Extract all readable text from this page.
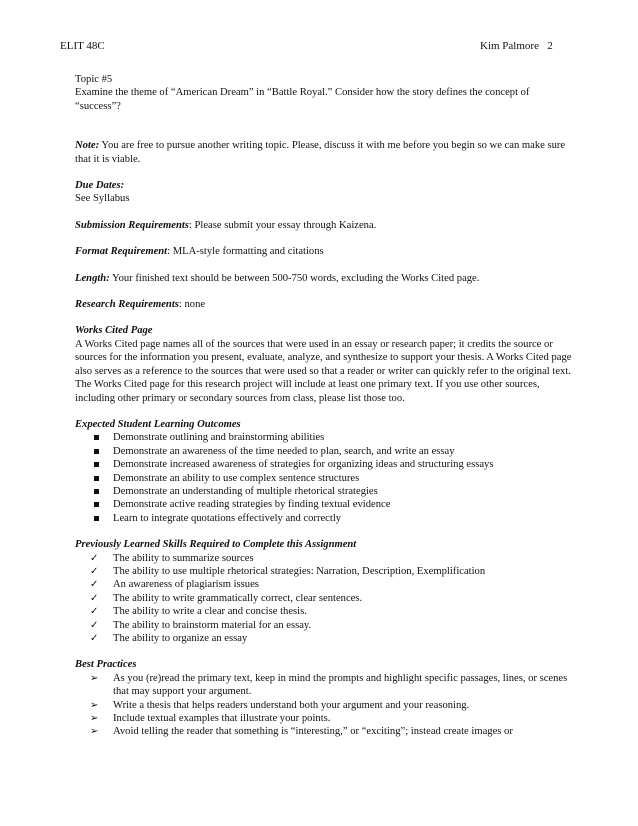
ELIT 48C	Kim Palmore 2
Topic #5
Examine the theme of “American Dream” in “Battle Royal.” Consider how the story defines the concept of “success”?
Note: You are free to pursue another writing topic. Please, discuss it with me before you begin so we can make sure that it is viable.
Due Dates:
See Syllabus
Submission Requirements: Please submit your essay through Kaizena.
Format Requirement: MLA-style formatting and citations
Length: Your finished text should be between 500-750 words, excluding the Works Cited page.
Research Requirements: none
Works Cited Page
A Works Cited page names all of the sources that were used in an essay or research paper; it credits the source or sources for the information you present, evaluate, analyze, and synthesize to support your thesis. A Works Cited page also serves as a reference to the sources that were used so that a reader or writer can quickly refer to the original text. The Works Cited page for this research project will include at least one primary text. If you use other sources, including other primary or secondary sources from class, please list those too.
Expected Student Learning Outcomes
Demonstrate outlining and brainstorming abilities
Demonstrate an awareness of the time needed to plan, search, and write an essay
Demonstrate increased awareness of strategies for organizing ideas and structuring essays
Demonstrate an ability to use complex sentence structures
Demonstrate an understanding of multiple rhetorical strategies
Demonstrate active reading strategies by finding textual evidence
Learn to integrate quotations effectively and correctly
Previously Learned Skills Required to Complete this Assignment
✓ The ability to summarize sources
✓ The ability to use multiple rhetorical strategies: Narration, Description, Exemplification
✓ An awareness of plagiarism issues
✓ The ability to write grammatically correct, clear sentences.
✓ The ability to write a clear and concise thesis.
✓ The ability to brainstorm material for an essay.
✓ The ability to organize an essay
Best Practices
➢ As you (re)read the primary text, keep in mind the prompts and highlight specific passages, lines, or scenes that may support your argument.
➢ Write a thesis that helps readers understand both your argument and your reasoning.
➢ Include textual examples that illustrate your points.
➢ Avoid telling the reader that something is “interesting,” or “exciting”; instead create images or
